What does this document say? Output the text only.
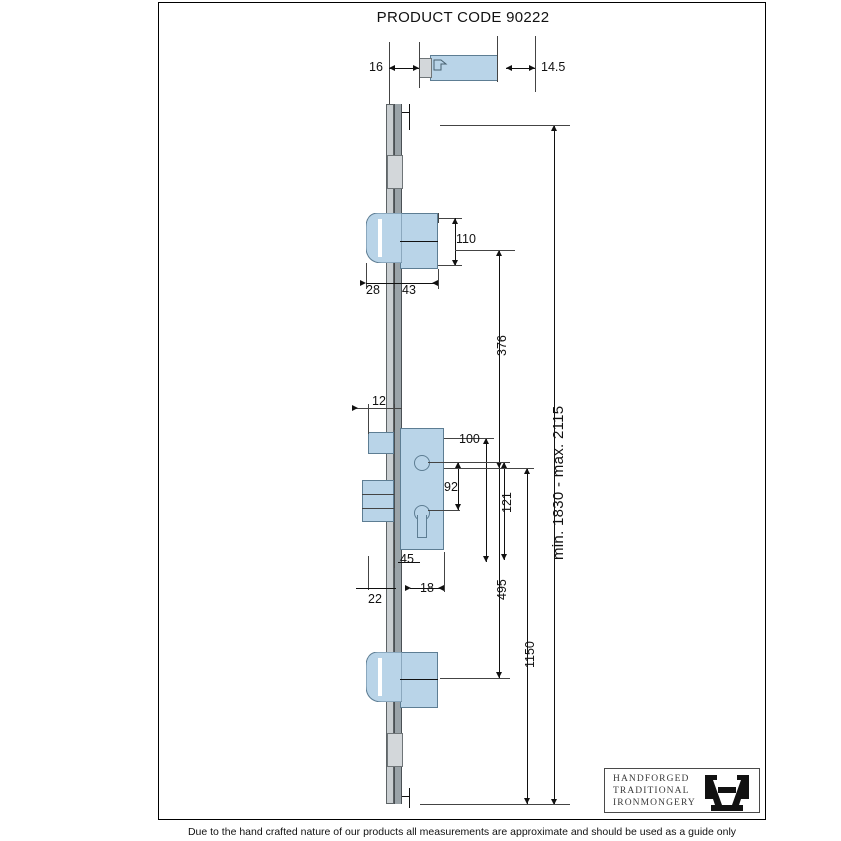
PRODUCT CODE 90222
16	14.5
110
28 43
376
min. 1830 - max. 2115
12
100
92
121
45
18
22	495
1150
HANDFORGED
TRADITIONAL
IRONMONGERY
Due to the hand crafted nature of our products all measurements are approximate and should be used as a guide only
